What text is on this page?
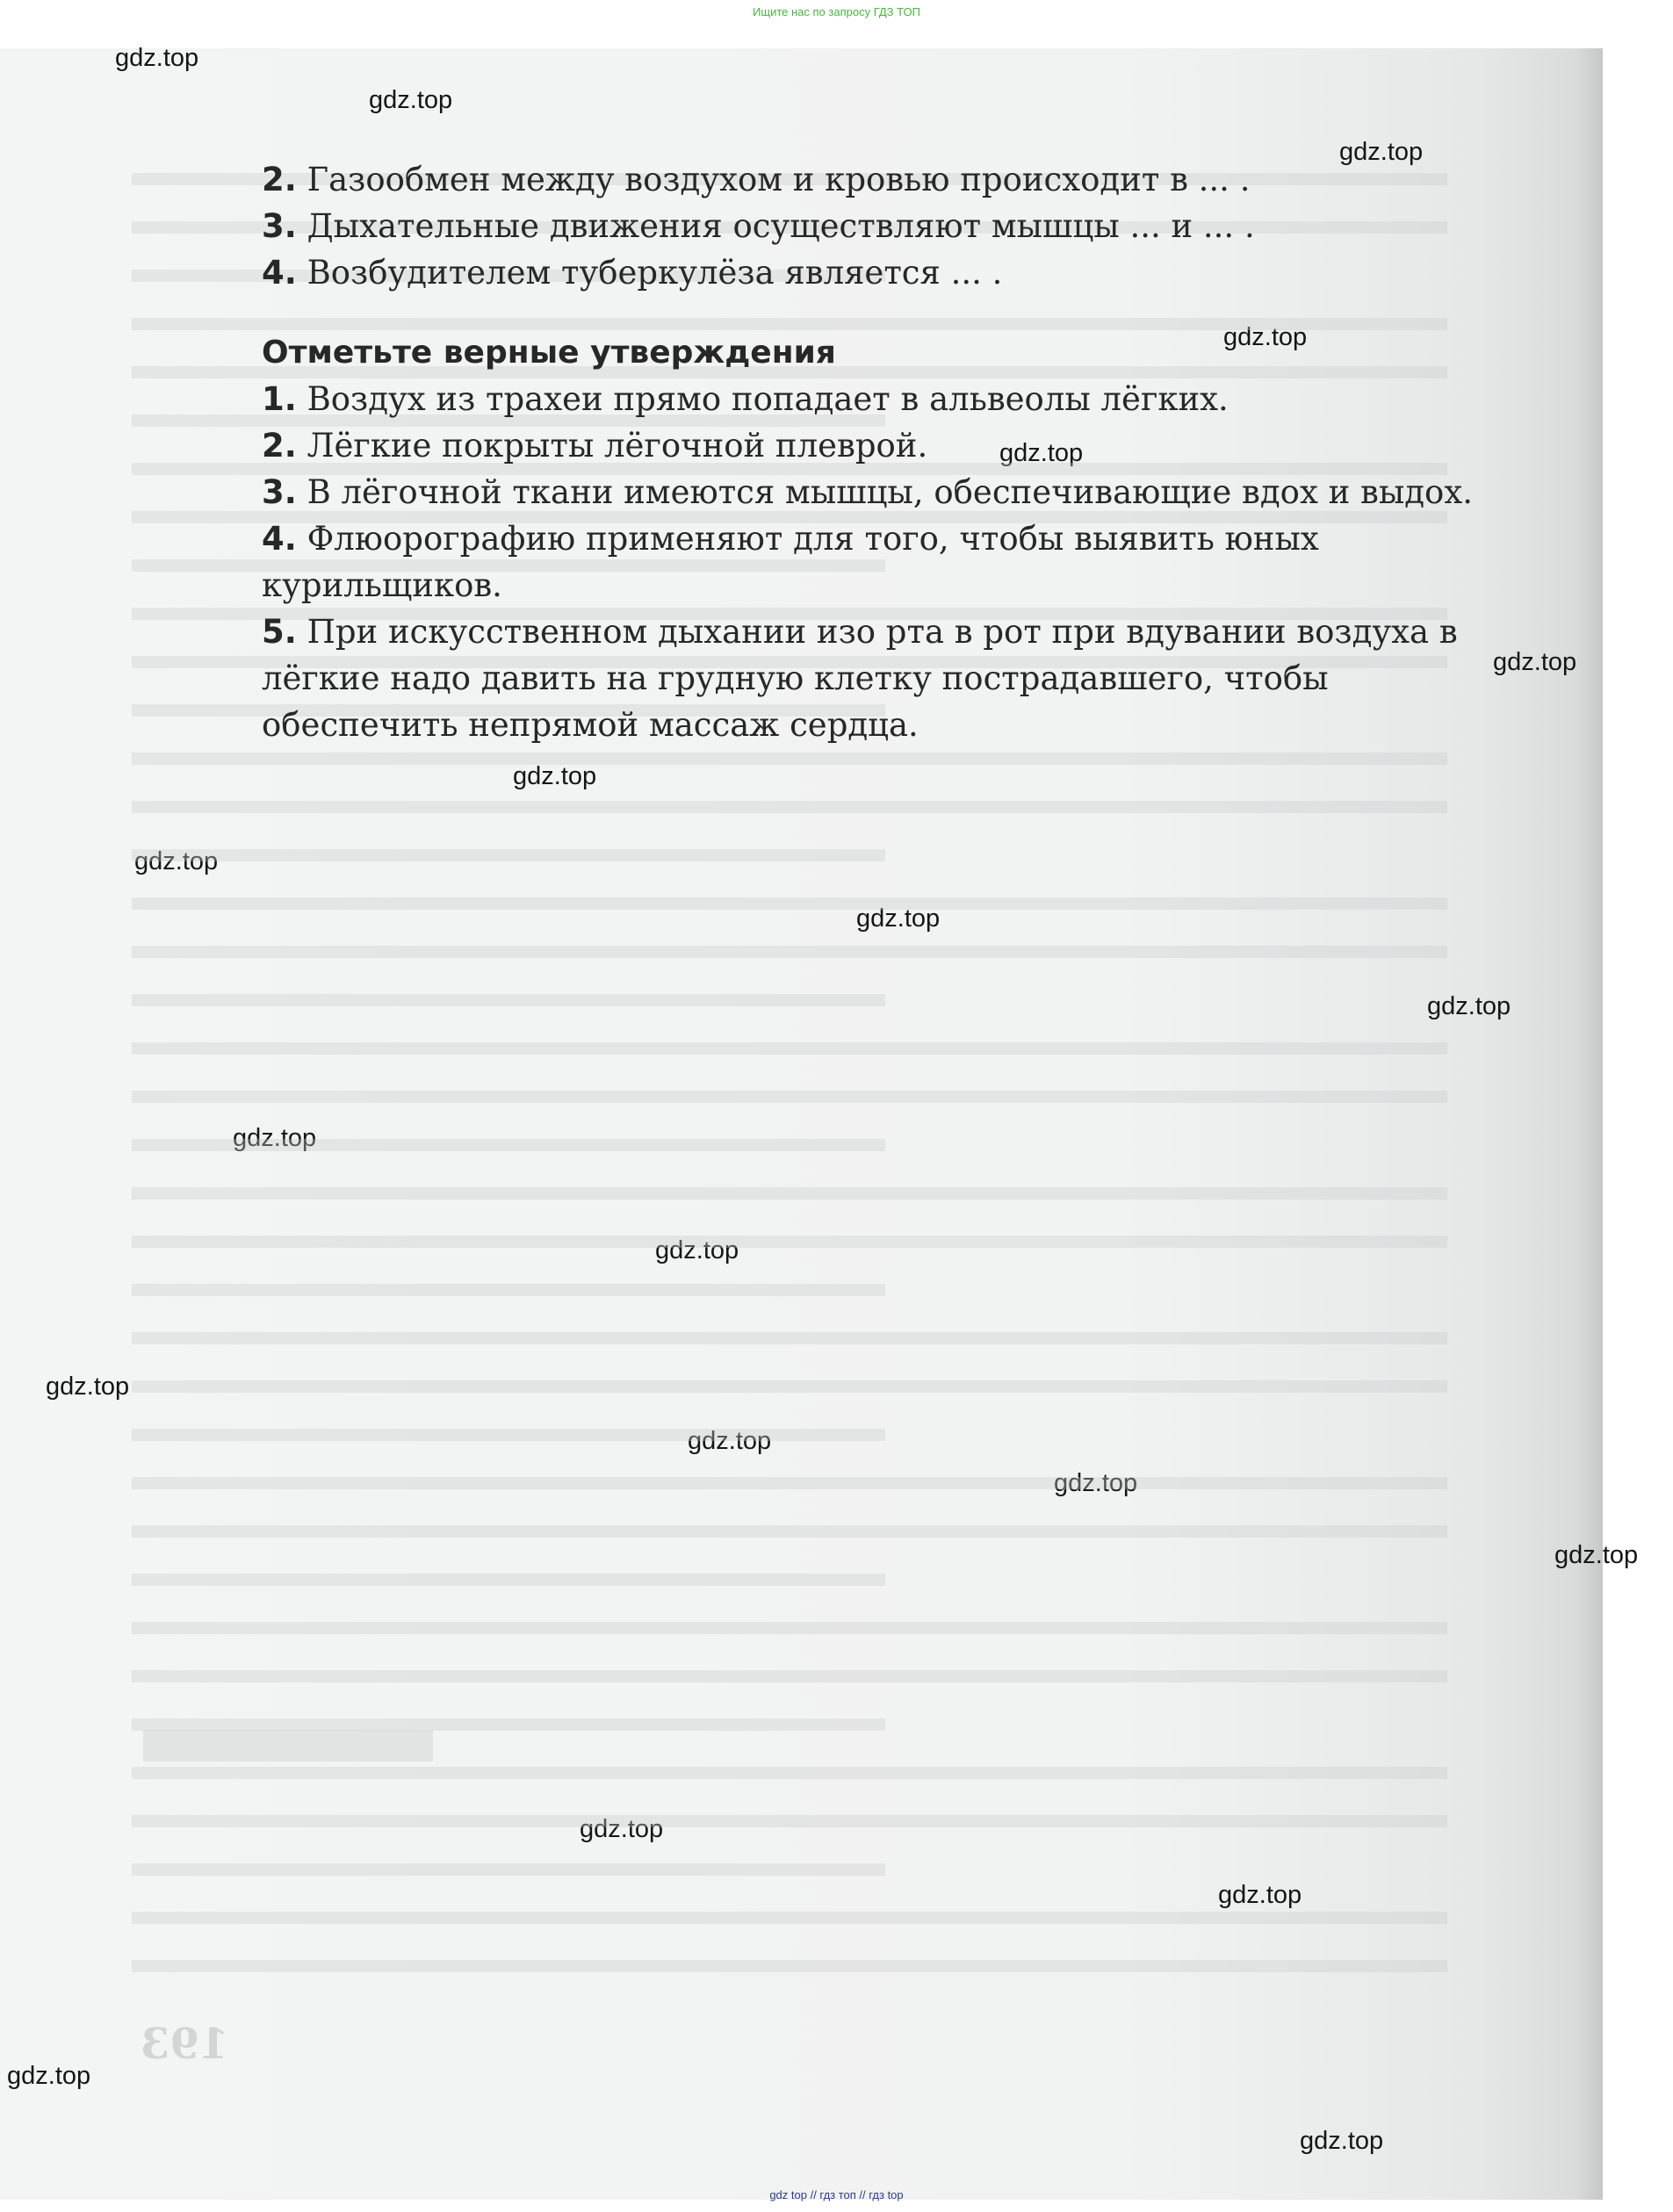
Ищите нас по запросу ГДЗ ТОП
193
2. Газообмен между воздухом и кровью происходит в ... .
3. Дыхательные движения осуществляют мышцы ... и ... .
4. Возбудителем туберкулёза является ... .
Отметьте верные утверждения
1. Воздух из трахеи прямо попадает в альвеолы лёгких.
2. Лёгкие покрыты лёгочной плеврой.
3. В лёгочной ткани имеются мышцы, обеспечивающие вдох и выдох.
4. Флюорографию применяют для того, чтобы выявить юных курильщиков.
5. При искусственном дыхании изо рта в рот при вдувании воздуха в лёгкие надо давить на грудную клетку пострадавшего, чтобы обеспечить непрямой массаж сердца.
gdz.top
gdz.top
gdz.top
gdz.top
gdz.top
gdz.top
gdz.top
gdz.top
gdz.top
gdz.top
gdz.top
gdz.top
gdz.top
gdz.top
gdz.top
gdz.top
gdz.top
gdz.top
gdz.top
gdz.top
gdz top // гдз топ // гдз top
